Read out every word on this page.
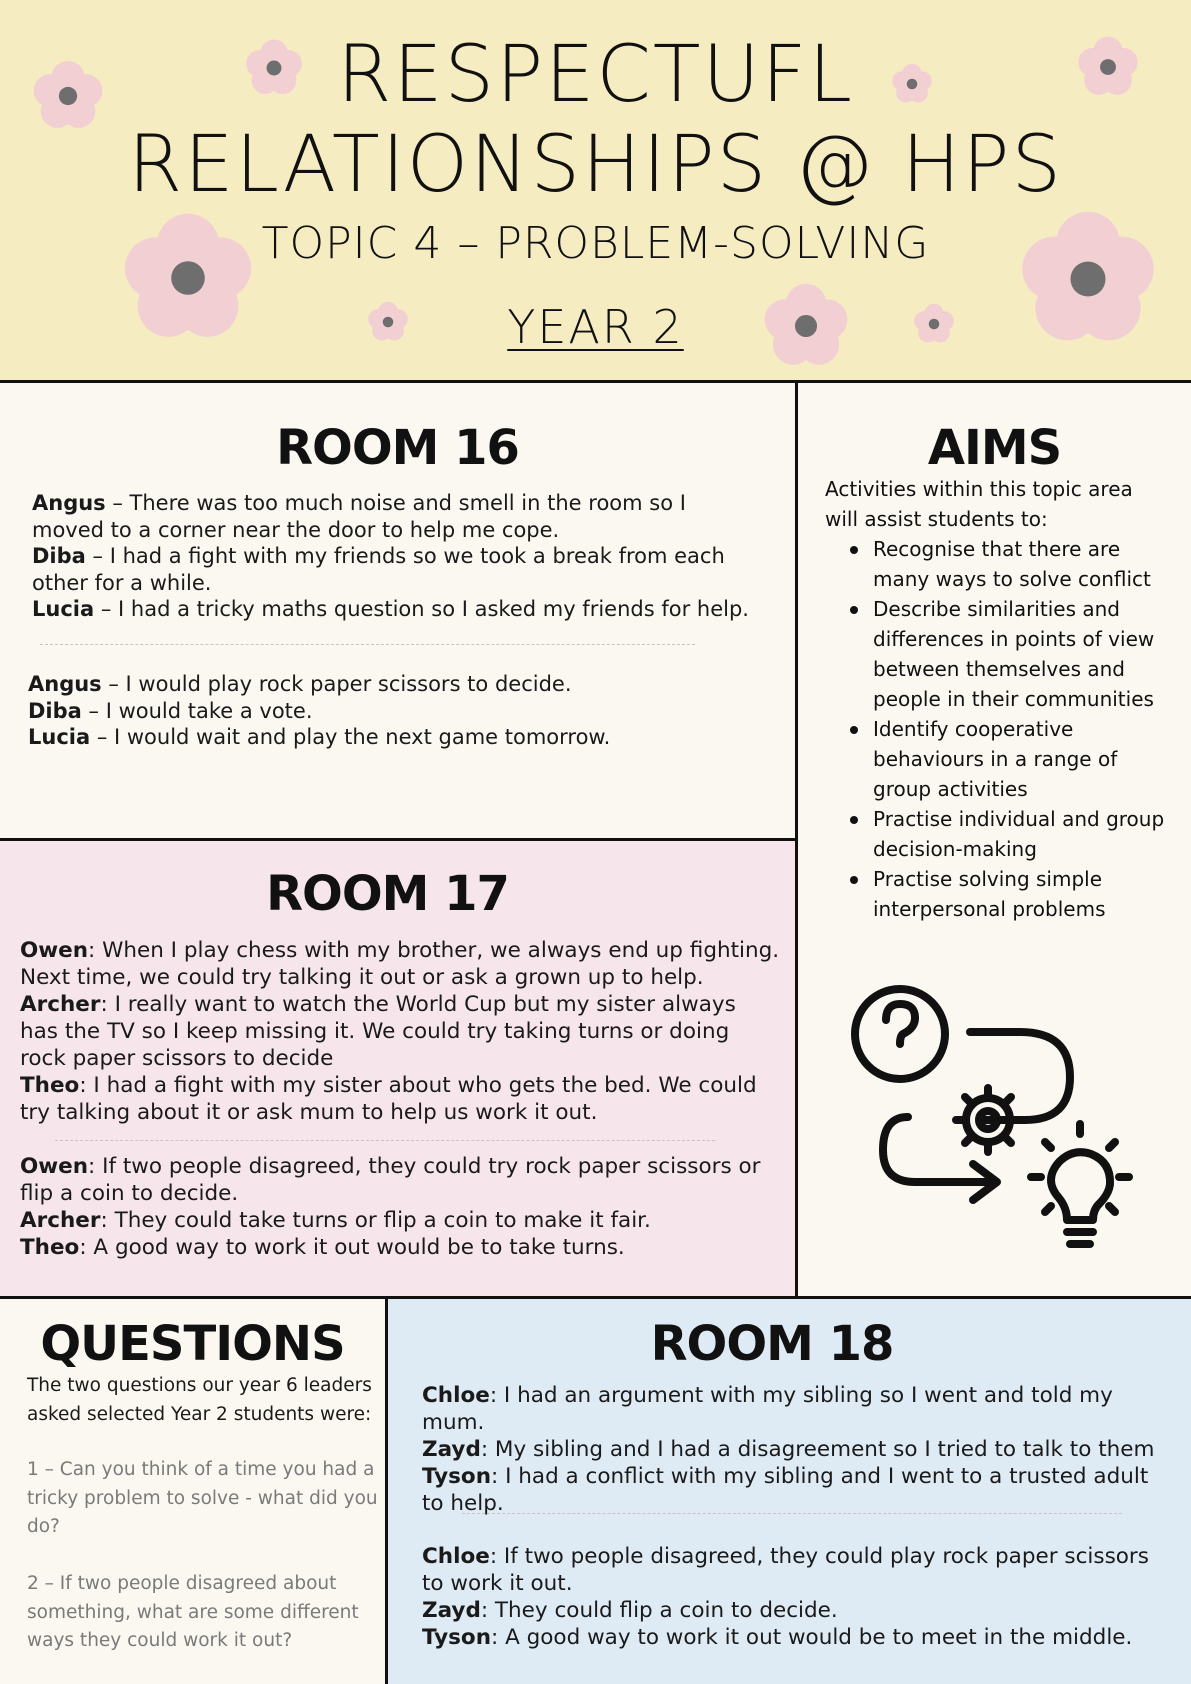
RESPECTUFL
RELATIONSHIPS @ HPS
TOPIC 4 – PROBLEM-SOLVING
YEAR 2
ROOM 16
Angus – There was too much noise and smell in the room so I moved to a corner near the door to help me cope.
Diba – I had a fight with my friends so we took a break from each other for a while.
Lucia – I had a tricky maths question so I asked my friends for help.
Angus – I would play rock paper scissors to decide.
Diba – I would take a vote.
Lucia – I would wait and play the next game tomorrow.
ROOM 17
Owen: When I play chess with my brother, we always end up fighting. Next time, we could try talking it out or ask a grown up to help.
Archer: I really want to watch the World Cup but my sister always has the TV so I keep missing it. We could try taking turns or doing rock paper scissors to decide
Theo: I had a fight with my sister about who gets the bed. We could try talking about it or ask mum to help us work it out.
Owen: If two people disagreed, they could try rock paper scissors or flip a coin to decide.
Archer: They could take turns or flip a coin to make it fair.
Theo: A good way to work it out would be to take turns.
AIMS
Activities within this topic area will assist students to:
Recognise that there are many ways to solve conflict
Describe similarities and differences in points of view between themselves and people in their communities
Identify cooperative behaviours in a range of group activities
Practise individual and group decision-making
Practise solving simple interpersonal problems
QUESTIONS
The two questions our year 6 leaders asked selected Year 2 students were:
1 – Can you think of a time you had a tricky problem to solve - what did you do?
2 – If two people disagreed about something, what are some different ways they could work it out?
ROOM 18
Chloe: I had an argument with my sibling so I went and told my mum.
Zayd: My sibling and I had a disagreement so I tried to talk to them
Tyson: I had a conflict with my sibling and I went to a trusted adult to help.
Chloe: If two people disagreed, they could play rock paper scissors to work it out.
Zayd: They could flip a coin to decide.
Tyson: A good way to work it out would be to meet in the middle.
